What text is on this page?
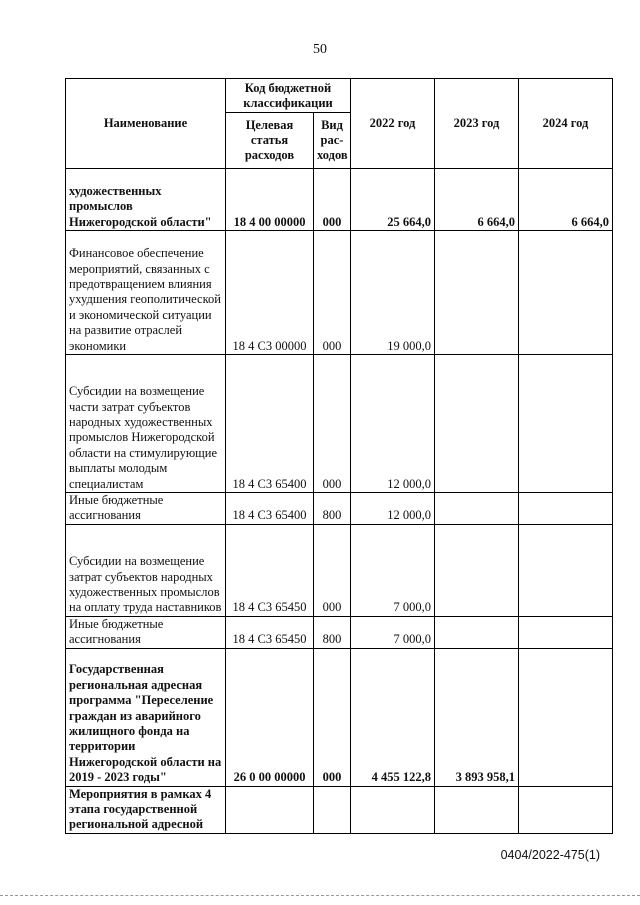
50
Наименование	Код бюджетной классификации		2022 год	2023 год	2024 год
	Целевая статья расходов	Вид рас- ходов			
художественных промыслов Нижегородской области"	18 4 00 00000	000	25 664,0	6 664,0	6 664,0
Финансовое обеспечение мероприятий, связанных с предотвращением влияния ухудшения геополитической и экономической ситуации на развитие отраслей экономики	18 4 С3 00000	000	19 000,0		
Субсидии на возмещение части затрат субъектов народных художественных промыслов Нижегородской области на стимулирующие выплаты молодым специалистам	18 4 С3 65400	000	12 000,0		
Иные бюджетные ассигнования	18 4 С3 65400	800	12 000,0		
Субсидии на возмещение затрат субъектов народных художественных промыслов на оплату труда наставников	18 4 С3 65450	000	7 000,0		
Иные бюджетные ассигнования	18 4 С3 65450	800	7 000,0		
Государственная региональная адресная программа "Переселение граждан из аварийного жилищного фонда на территории Нижегородской области на 2019 - 2023 годы"	26 0 00 00000	000	4 455 122,8	3 893 958,1	
Мероприятия в рамках 4 этапа государственной региональной адресной					
0404/2022-475(1)
